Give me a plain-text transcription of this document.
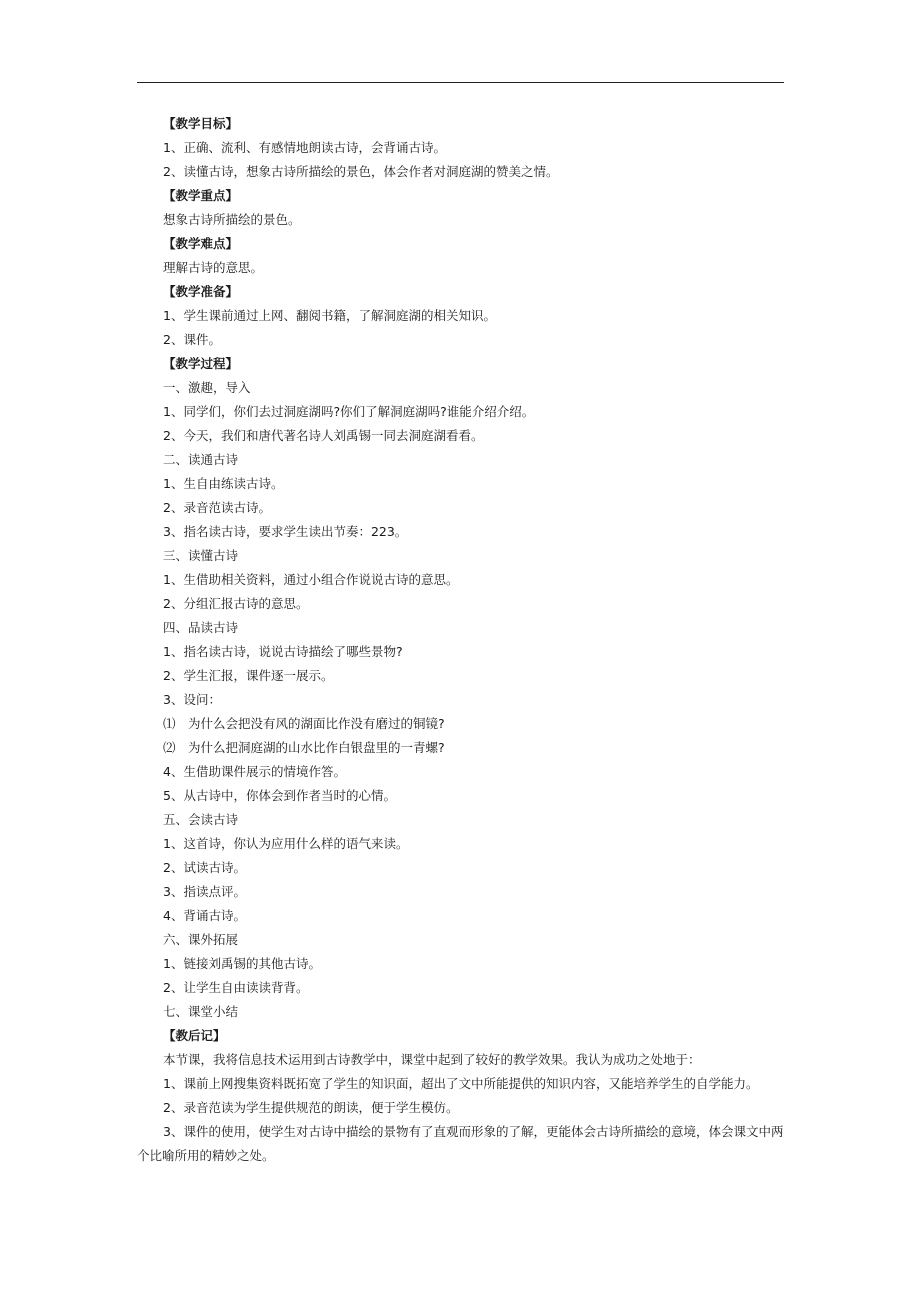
【教学目标】
1、正确、流利、有感情地朗读古诗，会背诵古诗。
2、读懂古诗，想象古诗所描绘的景色，体会作者对洞庭湖的赞美之情。
【教学重点】
想象古诗所描绘的景色。
【教学难点】
理解古诗的意思。
【教学准备】
1、学生课前通过上网、翻阅书籍，了解洞庭湖的相关知识。
2、课件。
【教学过程】
一、激趣，导入
1、同学们，你们去过洞庭湖吗?你们了解洞庭湖吗?谁能介绍介绍。
2、今天，我们和唐代著名诗人刘禹锡一同去洞庭湖看看。
二、读通古诗
1、生自由练读古诗。
2、录音范读古诗。
3、指名读古诗，要求学生读出节奏：223。
三、读懂古诗
1、生借助相关资料，通过小组合作说说古诗的意思。
2、分组汇报古诗的意思。
四、品读古诗
1、指名读古诗，说说古诗描绘了哪些景物?
2、学生汇报，课件逐一展示。
3、设问：
⑴　为什么会把没有风的湖面比作没有磨过的铜镜?
⑵　为什么把洞庭湖的山水比作白银盘里的一青螺?
4、生借助课件展示的情境作答。
5、从古诗中，你体会到作者当时的心情。
五、会读古诗
1、这首诗，你认为应用什么样的语气来读。
2、试读古诗。
3、指读点评。
4、背诵古诗。
六、课外拓展
1、链接刘禹锡的其他古诗。
2、让学生自由读读背背。
七、课堂小结
【教后记】
本节课，我将信息技术运用到古诗教学中，课堂中起到了较好的教学效果。我认为成功之处地于：
1、课前上网搜集资料既拓宽了学生的知识面，超出了文中所能提供的知识内容，又能培养学生的自学能力。
2、录音范读为学生提供规范的朗读，便于学生模仿。
3、课件的使用，使学生对古诗中描绘的景物有了直观而形象的了解，更能体会古诗所描绘的意境，体会课文中两
个比喻所用的精妙之处。
